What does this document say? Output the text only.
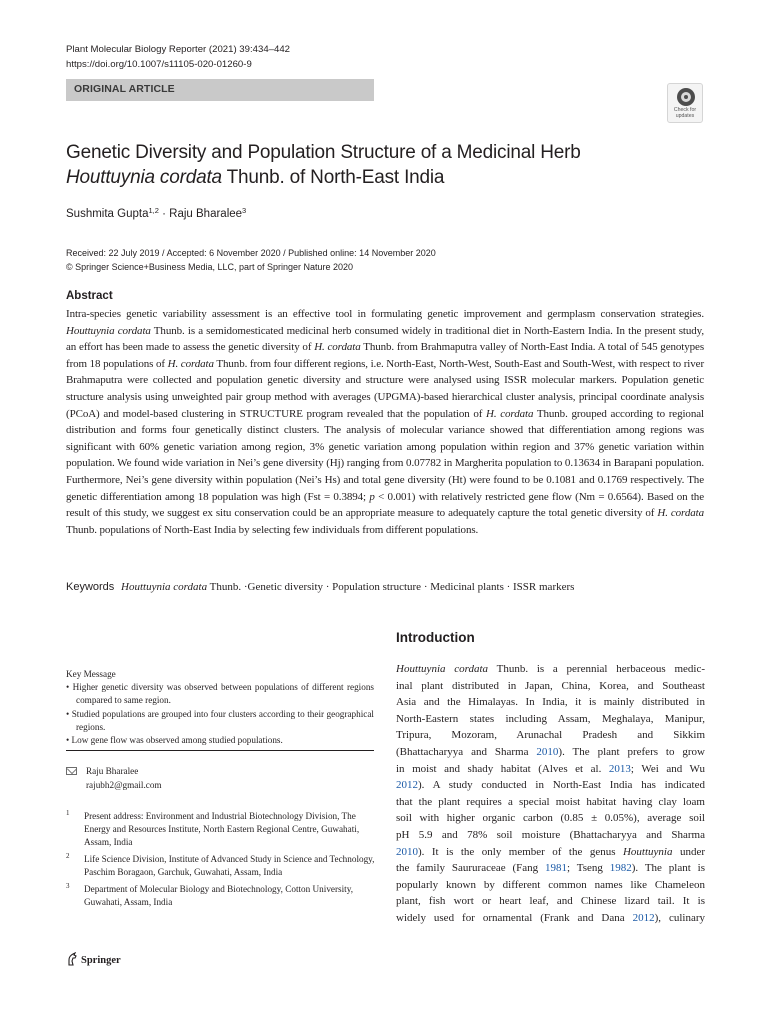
Plant Molecular Biology Reporter (2021) 39:434–442
https://doi.org/10.1007/s11105-020-01260-9
ORIGINAL ARTICLE
Check for updates
Genetic Diversity and Population Structure of a Medicinal Herb
Houttuynia cordata Thunb. of North-East India
Sushmita Gupta$^{1,2}$ · Raju Bharalee$^3$
Received: 22 July 2019 / Accepted: 6 November 2020 / Published online: 14 November 2020
© Springer Science+Business Media, LLC, part of Springer Nature 2020
Abstract
Intra-species genetic variability assessment is an effective tool in formulating genetic improvement and germplasm conservation strategies. Houttuynia cordata Thunb. is a semidomesticated medicinal herb consumed widely in traditional diet in North-Eastern India. In the present study, an effort has been made to assess the genetic diversity of H. cordata Thunb. from Brahmaputra valley of North-East India. A total of 545 genotypes from 18 populations of H. cordata Thunb. from four different regions, i.e. North-East, North-West, South-East and South-West, with respect to river Brahmaputra were collected and population genetic diversity and structure were analysed using ISSR molecular markers. Population genetic structure analysis using unweighted pair group method with averages (UPGMA)-based hierarchical cluster analysis, principal coordinate analysis (PCoA) and model-based clustering in STRUCTURE program revealed that the population of H. cordata Thunb. grouped according to regional distribution and forms four genetically distinct clusters. The analysis of molecular variance showed that differentiation among regions was significant with 60% genetic variation among region, 3% genetic variation among population within region and 37% genetic variation within population. We found wide variation in Nei’s gene diversity (Hj) ranging from 0.07782 in Margherita population to 0.13634 in Barapani population. Furthermore, Nei’s gene diversity within population (Nei’s Hs) and total gene diversity (Ht) were found to be 0.1081 and 0.1769 respectively. The genetic differentiation among 18 population was high (Fst = 0.3894; p < 0.001) with relatively restricted gene flow (Nm = 0.6564). Based on the result of this study, we suggest ex situ conservation could be an appropriate measure to adequately capture the total genetic diversity of H. cordata Thunb. populations of North-East India by selecting few individuals from different populations.
Keywords Houttuynia cordata Thunb. ·Genetic diversity · Population structure · Medicinal plants · ISSR markers
Key Message
• Higher genetic diversity was observed between populations of different regions compared to same region.
• Studied populations are grouped into four clusters according to their geographical regions.
• Low gene flow was observed among studied populations.
Raju Bharalee
rajubh2@gmail.com
1 Present address: Environment and Industrial Biotechnology Division, The Energy and Resources Institute, North Eastern Regional Centre, Guwahati, Assam, India
2 Life Science Division, Institute of Advanced Study in Science and Technology, Paschim Boragaon, Garchuk, Guwahati, Assam, India
3 Department of Molecular Biology and Biotechnology, Cotton University, Guwahati, Assam, India
Springer
Introduction
Houttuynia cordata Thunb. is a perennial herbaceous medic-
inal plant distributed in Japan, China, Korea, and Southeast
Asia and the Himalayas. In India, it is mainly distributed in
North-Eastern states including Assam, Meghalaya, Manipur,
Tripura, Mozoram, Arunachal Pradesh and Sikkim
(Bhattacharyya and Sharma 2010). The plant prefers to grow
in moist and shady habitat (Alves et al. 2013; Wei and Wu
2012). A study conducted in North-East India has indicated
that the plant requires a special moist habitat having clay loam
soil with higher organic carbon (0.85 ± 0.05%), average soil
pH 5.9 and 78% soil moisture (Bhattacharyya and Sharma
2010). It is the only member of the genus Houttuynia under
the family Saururaceae (Fang 1981; Tseng 1982). The plant is
popularly known by different common names like Chameleon
plant, fish wort or heart leaf, and Chinese lizard tail. It is
widely used for ornamental (Frank and Dana 2012), culinary
